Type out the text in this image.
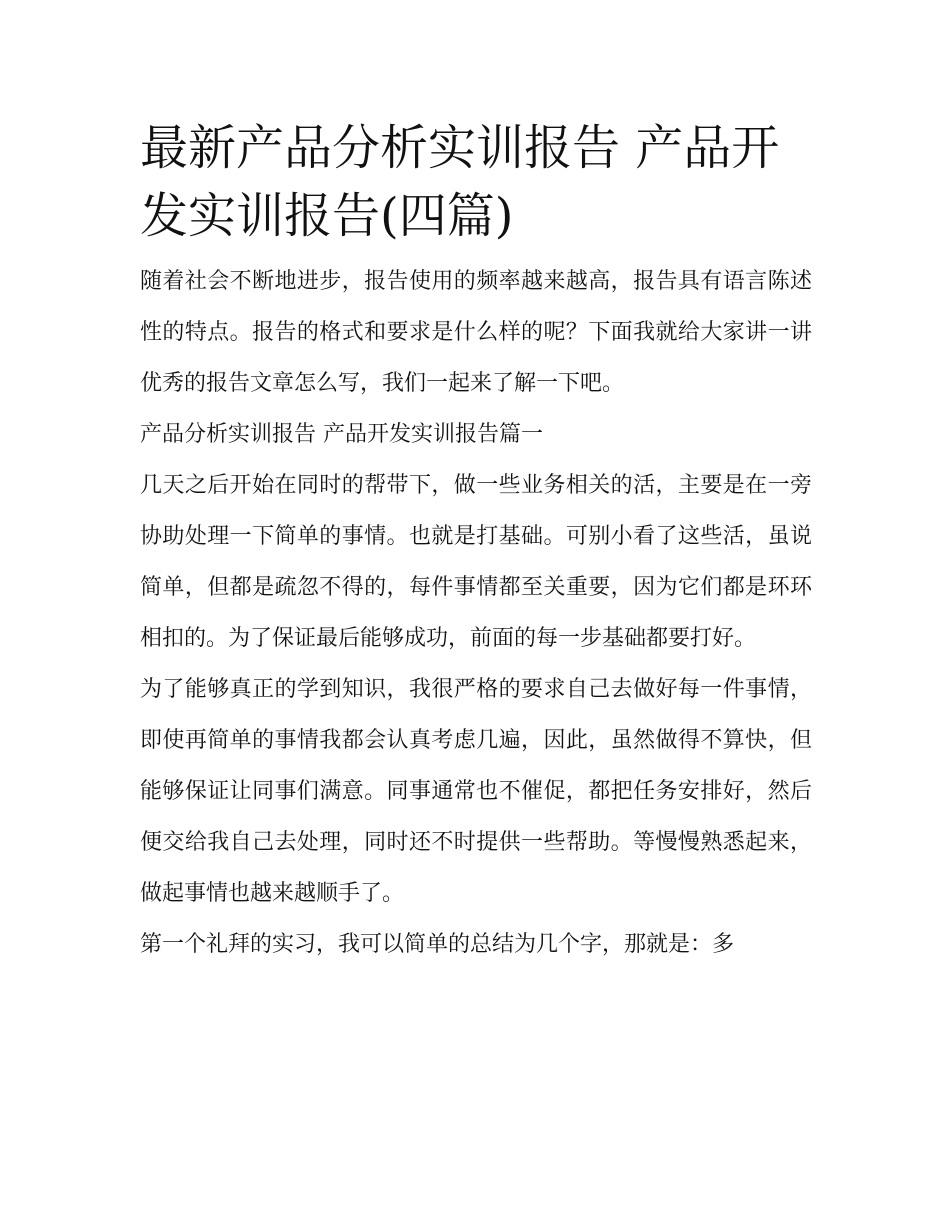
最新产品分析实训报告 产品开发实训报告(四篇)

随着社会不断地进步，报告使用的频率越来越高，报告具有语言陈述性的特点。报告的格式和要求是什么样的呢？下面我就给大家讲一讲优秀的报告文章怎么写，我们一起来了解一下吧。

产品分析实训报告 产品开发实训报告篇一

几天之后开始在同时的帮带下，做一些业务相关的活，主要是在一旁协助处理一下简单的事情。也就是打基础。可别小看了这些活，虽说简单，但都是疏忽不得的，每件事情都至关重要，因为它们都是环环相扣的。为了保证最后能够成功，前面的每一步基础都要打好。

为了能够真正的学到知识，我很严格的要求自己去做好每一件事情，即使再简单的事情我都会认真考虑几遍，因此，虽然做得不算快，但能够保证让同事们满意。同事通常也不催促，都把任务安排好，然后便交给我自己去处理，同时还不时提供一些帮助。等慢慢熟悉起来，做起事情也越来越顺手了。

第一个礼拜的实习，我可以简单的总结为几个字，那就是：多
